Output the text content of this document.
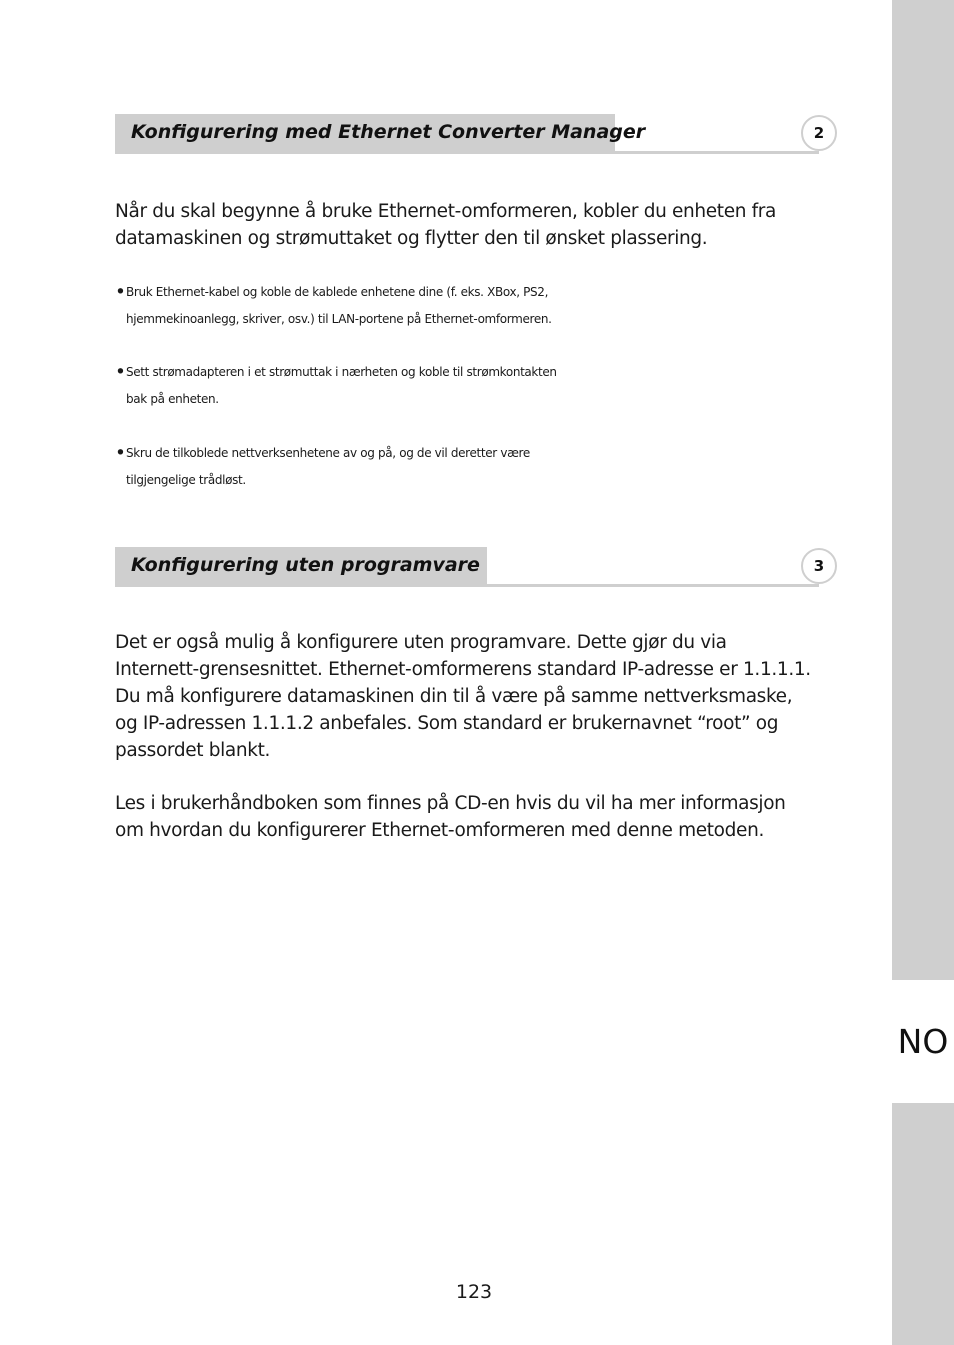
NO
Konfigurering med Ethernet Converter Manager	2

Når du skal begynne å bruke Ethernet-omformeren, kobler du enheten fra
datamaskinen og strømuttaket og flytter den til ønsket plassering.

• Bruk Ethernet-kabel og koble de kablede enhetene dine (f. eks. XBox, PS2,
hjemmekinoanlegg, skriver, osv.) til LAN-portene på Ethernet-omformeren.
• Sett strømadapteren i et strømuttak i nærheten og koble til strømkontakten
bak på enheten.
• Skru de tilkoblede nettverksenhetene av og på, og de vil deretter være
tilgjengelige trådløst.
Konfigurering uten programvare	3

Det er også mulig å konfigurere uten programvare. Dette gjør du via
Internett-grensesnittet. Ethernet-omformerens standard IP-adresse er 1.1.1.1.
Du må konfigurere datamaskinen din til å være på samme nettverksmaske,
og IP-adressen 1.1.1.2 anbefales. Som standard er brukernavnet “root” og
passordet blankt.

Les i brukerhåndboken som finnes på CD-en hvis du vil ha mer informasjon
om hvordan du konfigurerer Ethernet-omformeren med denne metoden.

123
